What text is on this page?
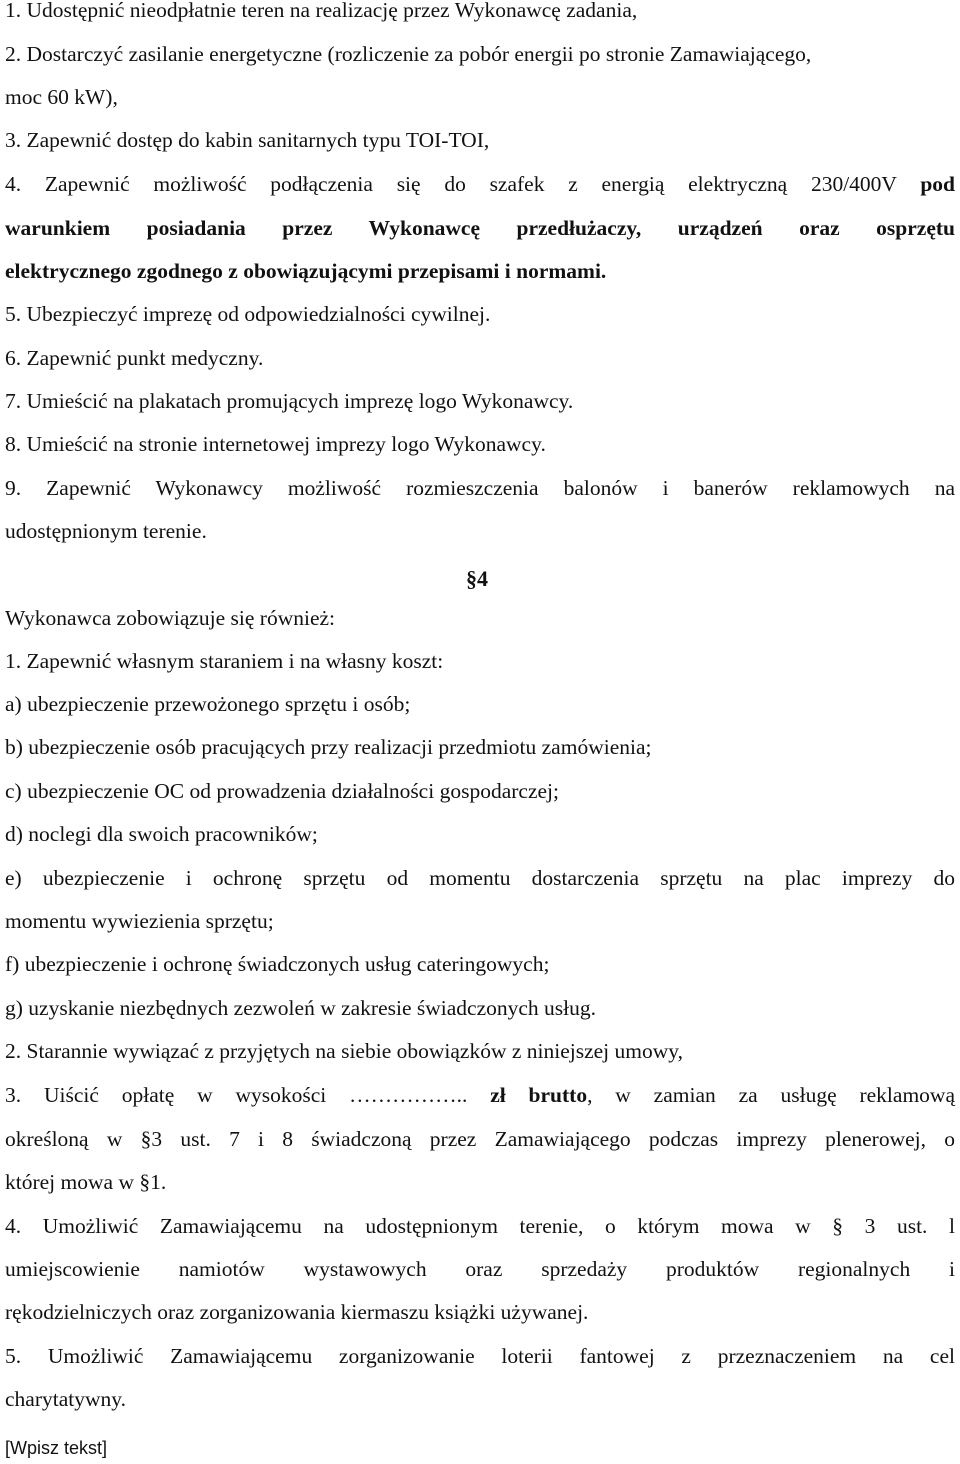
1. Udostępnić nieodpłatnie teren na realizację przez Wykonawcę zadania,
2. Dostarczyć zasilanie energetyczne (rozliczenie za pobór energii po stronie Zamawiającego,
moc 60 kW),
3. Zapewnić dostęp do kabin sanitarnych typu TOI-TOI,
4. Zapewnić możliwość podłączenia się do szafek z energią elektryczną 230/400V pod
warunkiem posiadania przez Wykonawcę przedłużaczy, urządzeń oraz osprzętu
elektrycznego zgodnego z obowiązującymi przepisami i normami.
5. Ubezpieczyć imprezę od odpowiedzialności cywilnej.
6. Zapewnić punkt medyczny.
7. Umieścić na plakatach promujących imprezę logo Wykonawcy.
8. Umieścić na stronie internetowej imprezy logo Wykonawcy.
9. Zapewnić Wykonawcy możliwość rozmieszczenia balonów i banerów reklamowych na
udostępnionym terenie.
§4
Wykonawca zobowiązuje się również:
1. Zapewnić własnym staraniem i na własny koszt:
a) ubezpieczenie przewożonego sprzętu i osób;
b) ubezpieczenie osób pracujących przy realizacji przedmiotu zamówienia;
c) ubezpieczenie OC od prowadzenia działalności gospodarczej;
d) noclegi dla swoich pracowników;
e) ubezpieczenie i ochronę sprzętu od momentu dostarczenia sprzętu na plac imprezy do
momentu wywiezienia sprzętu;
f) ubezpieczenie i ochronę świadczonych usług cateringowych;
g) uzyskanie niezbędnych zezwoleń w zakresie świadczonych usług.
2. Starannie wywiązać z przyjętych na siebie obowiązków z niniejszej umowy,
3. Uiścić opłatę w wysokości …………….. zł brutto, w zamian za usługę reklamową
określoną w §3 ust. 7 i 8 świadczoną przez Zamawiającego podczas imprezy plenerowej, o
której mowa w §1.
4. Umożliwić Zamawiającemu na udostępnionym terenie, o którym mowa w § 3 ust. l
umiejscowienie namiotów wystawowych oraz sprzedaży produktów regionalnych i
rękodzielniczych oraz zorganizowania kiermaszu książki używanej.
5. Umożliwić Zamawiającemu zorganizowanie loterii fantowej z przeznaczeniem na cel
charytatywny.
[Wpisz tekst]
